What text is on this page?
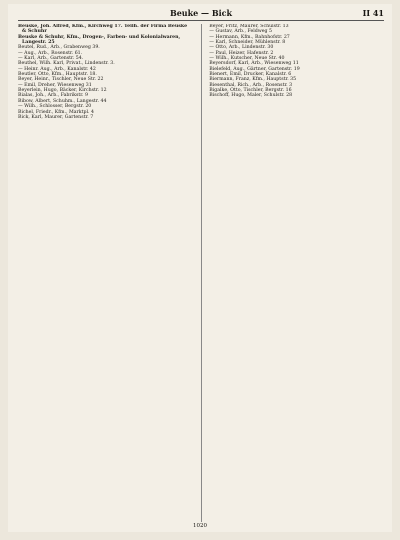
Beuke — Bick	II 41

Beuske, Joh. Alfred, Kfm., Kirchweg 17. Teilh. der Firma Beuske & Schuhr

Beuske & Schuhr, Kfm., Drogen-, Farben- und Kolonialwaren, Langestr. 25

Beutel, Rud., Arb., Grabenweg 39.

— Aug., Arb., Rosenstr. 61.

— Karl, Arb., Gartenstr. 54.

Beuthel, Wilh. Karl, Privat., Lindenstr. 3.

— Heinr. Aug., Arb., Kanalstr. 42

Beutler, Otto, Kfm., Hauptstr. 18.

Beyer, Heinr., Tischler, Neue Str. 22

— Emil, Dreher, Wiesenweg 31

Beyerlein, Hugo, Bäcker, Kirchstr. 12

Bialas, Joh., Arb., Fabrikstr. 9

Bibow, Albert, Schuhm., Langestr. 44

— Wilh., Schlosser, Bergstr. 20

Bichel, Friedr., Kfm., Marktpl. 4

Bick, Karl, Maurer, Gartenstr. 7

Beyer, Fritz, Maurer, Schulstr. 13

— Gustav, Arb., Feldweg 5

— Hermann, Kfm., Bahnhofstr. 27

— Karl, Schneider, Mühlenstr. 8

— Otto, Arb., Lindenstr. 30

— Paul, Heizer, Hafenstr. 2

— Wilh., Kutscher, Neue Str. 40

Beyersdorf, Karl, Arb., Wiesenweg 11

Bielefeld, Aug., Gärtner, Gartenstr. 19

Bienert, Emil, Drucker, Kanalstr. 6

Biermann, Franz, Kfm., Hauptstr. 35

Biesenthal, Rich., Arb., Rosenstr. 3

Bigalke, Otto, Tischler, Bergstr. 16

Bischoff, Hugo, Maler, Schulstr. 28

1020
